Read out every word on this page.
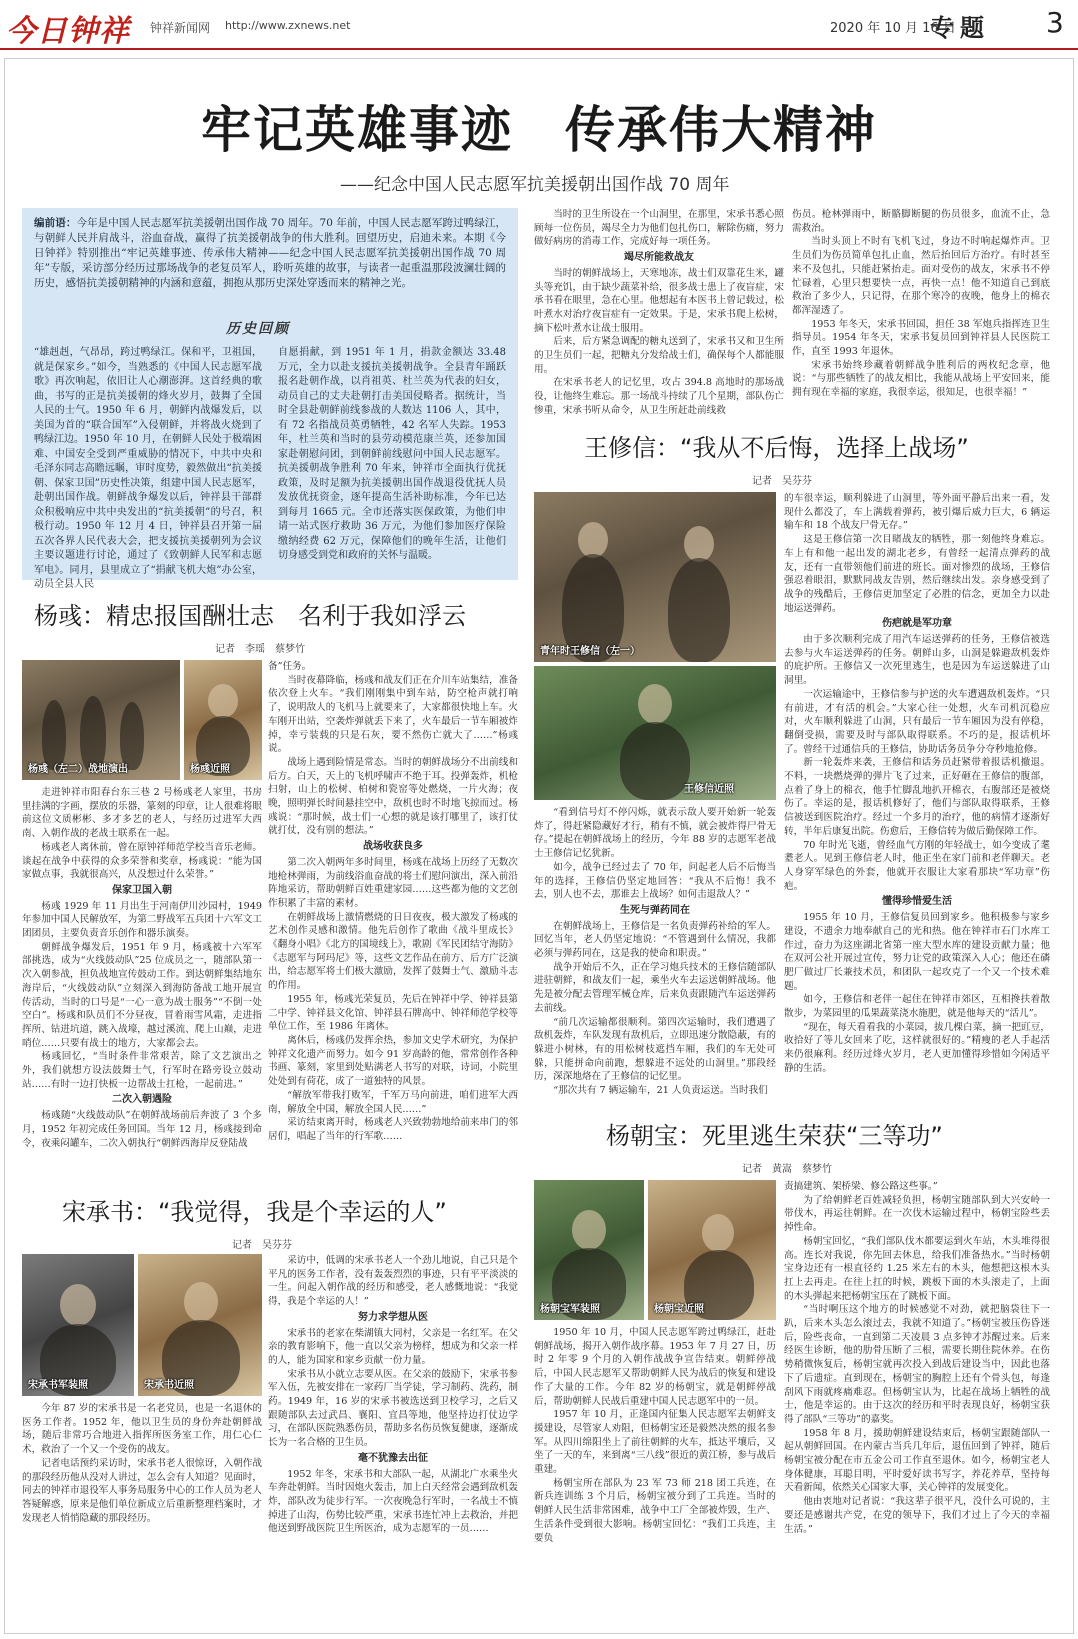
今日钟祥 钟祥新闻网 http://www.zxnews.net	2020 年 10 月 16 日
专题 3
牢记英雄事迹　传承伟大精神
——纪念中国人民志愿军抗美援朝出国作战 70 周年
编前语：今年是中国人民志愿军抗美援朝出国作战 70 周年。70 年前，中国人民志愿军跨过鸭绿江，与朝鲜人民并肩战斗，浴血奋战，赢得了抗美援朝战争的伟大胜利。回望历史，启迪未来。本期《今日钟祥》特别推出“牢记英雄事迹、传承伟大精神——纪念中国人民志愿军抗美援朝出国作战 70 周年”专版，采访部分经历过那场战争的老复员军人，聆听英雄的故事，与读者一起重温那段波澜壮阔的历史，感悟抗美援朝精神的内涵和意蕴，拥抱从那历史深处穿透而来的精神之光。
历史回顾
“雄赳赳，气昂昂，跨过鸭绿江。保和平，卫祖国，就是保家乡。”如今，当熟悉的《中国人民志愿军战歌》再次响起，依旧让人心潮澎湃。这首经典的歌曲，书写的正是抗美援朝的烽火岁月，鼓舞了全国人民的士气。1950 年 6 月，朝鲜内战爆发后，以美国为首的“联合国军”入侵朝鲜，并将战火烧到了鸭绿江边。1950 年 10 月，在朝鲜人民处于极端困难、中国安全受到严重威胁的情况下，中共中央和毛泽东同志高瞻远瞩，审时度势，毅然做出“抗美援朝、保家卫国”历史性决策，组建中国人民志愿军，赴朝出国作战。朝鲜战争爆发以后，钟祥县干部群众积极响应中共中央发出的“抗美援朝”的号召，积极行动。1950 年 12 月 4 日，钟祥县召开第一届五次各界人民代表大会，把支援抗美援朝列为会议主要议题进行讨论，通过了《致朝鲜人民军和志愿军电》。同月，县里成立了“捐献飞机大炮”办公室，动员全县人民
自愿捐献，到 1951 年 1 月，捐款金额达 33.48 万元，全力以赴支援抗美援朝战争。全县青年踊跃报名赴朝作战，以肖祖英、杜兰英为代表的妇女，动员自己的丈夫赴朝打击美国侵略者。据统计，当时全县赴朝鲜前线参战的人数达 1106 人，其中，有 72 名指战员英勇牺牲，42 名军人失踪。1953 年，杜兰英和当时的县劳动模范康兰英，还参加国家赴朝慰问团，到朝鲜前线慰问中国人民志愿军。抗美援朝战争胜利 70 年来，钟祥市全面执行优抚政策，及时足额为抗美援朝出国作战退役优抚人员发放优抚资金，逐年提高生活补助标准，今年已达到每月 1665 元。全市还落实医保政策，为他们申请一站式医疗救助 36 万元，为他们参加医疗保险缴纳经费 62 万元，保障他们的晚年生活，让他们切身感受到党和政府的关怀与温暖。
杨彧：精忠报国酬壮志　名利于我如浮云
记者　李瑶　蔡梦竹
杨彧（左二）战地演出	杨彧近照

走进钟祥市阳春台东三巷 2 号杨彧老人家里，书房里挂满的字画，摆放的乐器，篆刻的印章，让人很难将眼前这位文质彬彬、多才多艺的老人，与经历过进军大西南、入朝作战的老战士联系在一起。

杨彧老人离休前，曾在原钟祥师范学校当音乐老师。谈起在战争中获得的众多荣誉和奖章，杨彧说：“能为国家做点事，我就很高兴，从没想过什么荣誉。”

保家卫国入朝

杨彧 1929 年 11 月出生于河南伊川沙园村，1949 年参加中国人民解放军，为第二野战军五兵团十六军文工团团员，主要负责音乐创作和器乐演奏。

朝鲜战争爆发后，1951 年 9 月，杨彧被十六军军部挑选，成为“火线鼓动队”25 位成员之一，随部队第一次入朝参战，担负战地宣传鼓动工作。到达朝鲜集结地东海岸后，“火线鼓动队”立刻深入到海防备战工地开展宣传活动，当时的口号是“一心一意为战士服务”“不倒一处空白”。杨彧和队员们不分昼夜，冒着雨雪风霜，走进指挥所、钻进坑道，跳入战壕，越过溪流、爬上山巅，走进哨位……只要有战士的地方，大家都会去。

杨彧回忆，“当时条件非常艰苦，除了文艺演出之外，我们就想方设法鼓舞士气，行军时在路旁设立鼓动站……有时一边打快板一边帮战士扛枪，一起前进。”

二次入朝遇险

杨彧随“火线鼓动队”在朝鲜战场前后奔波了 3 个多月，1952 年初完成任务回国。当年 12 月，杨彧接到命令，夜乘闷罐车，二次入朝执行“朝鲜西海岸反登陆战

备”任务。

当时夜幕降临，杨彧和战友们正在介川车站集结，准备依次登上火车。“我们刚刚集中到车站，防空枪声就打响了，说明敌人的飞机马上就要来了，大家都很快地上车。火车刚开出站，空袭炸弹就丢下来了，火车最后一节车厢被炸掉，幸亏装载的只是石灰，要不然伤亡就大了……”杨彧说。

战场上遇到险情是常态。当时的朝鲜战场分不出前线和后方。白天，天上的飞机呼啸声不绝于耳。投弹轰炸，机枪扫射，山上的松树、柏树和瓷窑等处燃烧，一片火海；夜晚，照明弹长时间悬挂空中，敌机也时不时地飞掠而过。杨彧说：“那时候，战士们一心想的就是该打哪里了，该打仗就打仗，没有别的想法。”

战场收获良多

第二次入朝两年多时间里，杨彧在战场上历经了无数次地枪林弹雨，为前线浴血奋战的将士们慰问演出，深入前沿阵地采访，帮助朝鲜百姓重建家园……这些都为他的文艺创作积累了丰富的素材。

在朝鲜战场上激情燃烧的日日夜夜，极大激发了杨彧的艺术创作灵感和激情。他先后创作了歌曲《战斗里成长》《翻身小唱》《北方的国境线上》，歌剧《军民团结守海防》《志愿军与阿玛尼》等，这些文艺作品在前方、后方广泛演出，给志愿军将士们极大激励，发挥了鼓舞士气、激励斗志的作用。

1955 年，杨彧光荣复员，先后在钟祥中学、钟祥县第二中学、钟祥县文化馆、钟祥县石牌高中、钟祥师范学校等单位工作，至 1986 年离休。

离休后，杨彧仍发挥余热，参加文史学术研究，为保护钟祥文化遗产而努力。如今 91 岁高龄的他，常常创作各种书画、篆刻，家里到处贴满老人书写的对联，诗词，小院里处处到有荷花，成了一道独特的风景。

“解放军带我打败军，千军万马向前进，咱们进军大西南，解放全中国，解放全国人民……”

采访结束离开时，杨彧老人兴致勃勃地给前来串门的邻居们，唱起了当年的行军歌……

宋承书：“我觉得，我是个幸运的人”
记者　吴芬芬
宋承书军装照	宋承书近照

今年 87 岁的宋承书是一名老党员，也是一名退休的医务工作者。1952 年，他以卫生员的身份奔赴朝鲜战场，随后非常巧合地进入指挥所医务室工作，用仁心仁术，救治了一个又一个受伤的战友。

记者电话预约采访时，宋承书老人很惊讶，入朝作战的那段经历他从没对人讲过，怎么会有人知道？见面时，同去的钟祥市退役军人事务局服务中心的工作人员为老人答疑解惑，原来是他们单位新成立后重新整理档案时，才发现老人悄悄隐藏的那段经历。

采访中，低调的宋承书老人一个劲儿地说，自己只是个平凡的医务工作者，没有轰轰烈烈的事迹，只有平平淡淡的一生。问起入朝作战的经历和感受，老人感慨地说：“我觉得，我是个幸运的人！”

努力求学想从医

宋承书的老家在柴湖镇大同村，父亲是一名红军。在父亲的教育影响下，他一直以父亲为榜样，想成为和父亲一样的人，能为国家和家乡贡献一份力量。

宋承书从小就立志要从医。在父亲的鼓励下，宋承书参军入伍，先被安排在一家药厂当学徒，学习制药、洗药，制药。1949 年，16 岁的宋承书被选送到卫校学习，之后又跟随部队去过武昌、襄阳、宜昌等地，他坚持边打仗边学习，在部队医院熟悉伤员，帮助多名伤员恢复健康，逐渐成长为一名合格的卫生员。

毫不犹豫去出征

1952 年冬，宋承书和大部队一起，从湖北广水乘坐火车奔赴朝鲜。当时因炮火轰击，加上白天经常会遇到敌机轰炸，部队改为徒步行军。一次夜晚急行军时，一名战士不慎掉进了山沟，伤势比较严重，宋承书连忙冲上去救治，并把他送到野战医院卫生所医治，成为志愿军的一员……

当时的卫生所设在一个山洞里，在那里，宋承书悉心照顾每一位伤员，竭尽全力为他们包扎伤口，解除伤痛，努力做好病房的消毒工作，完成好每一项任务。

竭尽所能救战友

当时的朝鲜战场上，天寒地冻，战士们双靠花生米，罐头等充饥，由于缺少蔬菜补给，很多战士患上了夜盲症，宋承书看在眼里，急在心里。他想起有本医书上曾记载过，松叶煮水对治疗夜盲症有一定效果。于是，宋承书爬上松树，摘下松叶煮水让战士服用。

后来，后方紧急调配的糖丸送到了，宋承书又和卫生所的卫生员们一起，把糖丸分发给战士们，确保每个人都能服用。

在宋承书老人的记忆里，攻占 394.8 高地时的那场战役，让他终生难忘。那一场战斗持续了几个星期，部队伤亡惨重，宋承书听从命令，从卫生所赶赴前线救

伤员。枪林弹雨中，断骼脚断腿的伤员很多，血流不止，急需救治。

当时头顶上不时有飞机飞过，身边不时响起爆炸声。卫生员们为伤员简单包扎止血，然后抬回后方治疗。有时甚至来不及包扎，只能赶紧抬走。面对受伤的战友，宋承书不停忙碌着，心里只想要快一点，再快一点！他不知道自己到底救治了多少人，只记得，在那个寒冷的夜晚，他身上的棉衣都浑湿透了。

1953 年冬天，宋承书回国，担任 38 军炮兵指挥连卫生指导员。1954 年冬天，宋承书复员回到钟祥县人民医院工作，直至 1993 年退休。

宋承书始终珍藏着朝鲜战争胜利后的两枚纪念章，他说：“与那些牺牲了的战友相比，我能从战场上平安回来，能拥有现在幸福的家庭，我很幸运，很知足，也很幸福！”

王修信：“我从不后悔，选择上战场”
记者　吴芬芬
青年时王修信（左一）
王修信近照

“看到信号灯不停闪烁，就表示敌人要开始新一轮轰炸了，得赶紧隐藏好才行，稍有不慎，就会被炸得尸骨无存。”提起在朝鲜战场上的经历，今年 88 岁的志愿军老战士王修信记忆犹新。

如今，战争已经过去了 70 年，问起老人后不后悔当年的选择，王修信仍坚定地回答：“我从不后悔！我不去，别人也不去，那谁去上战场？如何击退敌人？”

生死与弹药同在

在朝鲜战场上，王修信是一名负责弹药补给的军人。回忆当年，老人仍坚定地说：“不管遇到什么情况，我都必须与弹药同在，这是我的使命和职责。”

战争开始后不久，正在学习炮兵技术的王修信随部队进驻朝鲜，和战友们一起，乘坐火车去运送朝鲜战场。他先是被分配去管理军械仓库，后来负责跟随汽车运送弹药去前线。

“前几次运输都很顺利。第四次运输时，我们遭遇了敌机轰炸，车队发现有敌机后，立即迅速分散隐蔽，有的躲进小树林，有的用松树枝遮挡车厢，我们的车无处可躲，只能拼命向前跑，想躲进不远处的山洞里。”那段经历，深深地烙在了王修信的记忆里。

“那次共有 7 辆运输车，21 人负责运送。当时我们

的车很幸运，顺利躲进了山洞里，等外面平静后出来一看，发现什么都没了，车上满载着弹药，被引爆后威力巨大，6 辆运输车和 18 个战友尸骨无存。”

这是王修信第一次目睹战友的牺牲，那一刻他终身难忘。车上有和他一起出发的湖北老乡，有曾经一起清点弹药的战友，还有一直带领他们前进的班长。面对惨烈的战场，王修信强忍着眼泪，默默同战友告别，然后继续出发。亲身感受到了战争的残酷后，王修信更加坚定了必胜的信念，更加全力以赴地运送弹药。

伤疤就是军功章

由于多次顺利完成了用汽车运送弹药的任务，王修信被选去参与火车运送弹药的任务。朝鲜山多，山洞是躲避敌机轰炸的庇护所。王修信又一次死里逃生，也是因为车运送躲进了山洞里。

一次运输途中，王修信参与护送的火车遭遇敌机轰炸。“只有前进，才有活的机会。”大家心往一处想，火车司机沉稳应对，火车顺利躲进了山洞，只有最后一节车厢因为没有停稳，翻倒受损，需要及时与部队取得联系。不巧的是，报话机坏了。曾经干过通信兵的王修信，协助话务员争分夺秒地抢修。

新一轮轰炸来袭，王修信和话务员赶紧带着报话机撤退。不料，一块燃烧弹的弹片飞了过来，正好砸在王修信的腹部，点着了身上的棉衣，他手忙脚乱地扒开棉衣，右腹部还是被烧伤了。幸运的是，报话机修好了，他们与部队取得联系，王修信被送到医院治疗。经过一个多月的治疗，他的病情才逐渐好转，半年后康复出院。伤愈后，王修信转为做后勤保障工作。

70 年时光飞逝，曾经血气方刚的年轻战士，如今变成了耄耋老人。见到王修信老人时，他正坐在家门前和老伴聊天。老人身穿军绿色的外套，他就开衣服让大家看那块“军功章”伤疤。

懂得珍惜爱生活

1955 年 10 月，王修信复员回到家乡。他积极参与家乡建设，不遗余力地奉献自己的光和热。他在钟祥市石门水库工作过，奋力为这座湖北省第一座大型水库的建设贡献力量；他在双河公社开展过宣传，努力让党的政策深入人心；他还在磷肥厂做过厂长兼技术员，和团队一起攻克了一个又一个技术难题。

如今，王修信和老伴一起住在钟祥市郊区，互相搀扶着散散步，为菜园里的瓜果蔬菜浇水施肥，就是他每天的“活儿”。

“现在，每天看看我的小菜园，拔几棵白菜，摘一把豇豆，收拾好了等儿女回来了吃，这样就很好的。”精瘦的老人手起活来仍很麻利。经历过烽火岁月，老人更加懂得珍惜如今闲适平静的生活。

杨朝宝：死里逃生荣获“三等功”
记者　黄嵩　蔡梦竹
杨朝宝军装照	杨朝宝近照

1950 年 10 月，中国人民志愿军跨过鸭绿江，赶赴朝鲜战场，揭开入朝作战序幕。1953 年 7 月 27 日，历时 2 年零 9 个月的入朝作战战争宣告结束。朝鲜停战后，中国人民志愿军又帮助朝鲜人民为战后的恢复和建设作了大量的工作。今年 82 岁的杨朝宝，就是朝鲜停战后，帮助朝鲜人民战后重建中国人民志愿军中的一员。

1957 年 10 月，正逢国内征集人民志愿军去朝鲜支援建设，尽管家人劝阻，但杨朝宝还是毅然决然的报名参军。从四川绵阳坐上了前往朝鲜的火车，抵达平壤后，又坐了一天的车，来到离“三八线”很近的黄江桥，参与战后重建。

杨朝宝所在部队为 23 军 73 师 218 团工兵连，在新兵连训练 3 个月后，杨朝宝被分到了工兵连。当时的朝鲜人民生活非常困难，战争中工厂全部被炸毁，生产、生活条件受到很大影响。杨朝宝回忆：“我们工兵连，主要负

责搞建筑、架桥梁、修公路这些事。”

为了给朝鲜老百姓减轻负担，杨朝宝随部队到大兴安岭一带伐木，再运往朝鲜。在一次伐木运输过程中，杨朝宝险些丢掉性命。

杨朝宝回忆，“我们部队伐木都要运到火车站，木头堆得很高。连长对我说，你先回去休息，给我们准备热水。”当时杨朝宝身边还有一根直径约 1.25 米左右的木头，他想把这根木头扛上去再走。在往上扛的时候，跳板下面的木头滚走了，上面的木头弹起来把杨朝宝压在了跳板下面。

“当时啊压这个地方的时候感觉不对劲，就把脑袋往下一趴，后来木头怎么滚过去，我就不知道了。”杨朝宝被压伤昏迷后，险些丧命，一直到第二天凌晨 3 点多钟才苏醒过来。后来经医生诊断，他的肋骨压断了三根，需要长期住院休养。在伤势稍微恢复后，杨朝宝就再次投入到战后建设当中，因此也落下了后遗症。直到现在，杨朝宝的胸腔上还有个骨头包，每逢刮风下雨就疼痛难忍。但杨朝宝认为，比起在战场上牺牲的战士，他是幸运的。由于这次的经历和平时表现良好，杨朝宝获得了部队“三等功”的嘉奖。

1958 年 8 月，援助朝鲜建设结束后，杨朝宝跟随部队一起从朝鲜回国。在内蒙古当兵几年后，退伍回到了钟祥，随后杨朝宝被分配在市五金公司工作直至退休。如今，杨朝宝老人身体健康，耳聪目明，平时爱好读书写字，养花养草，坚持每天看新闻，依然关心国家大事，关心钟祥的发展变化。

他由衷地对记者说：“我这辈子很平凡，没什么可说的，主要还是感谢共产党，在党的领导下，我们才过上了今天的幸福生活。”
